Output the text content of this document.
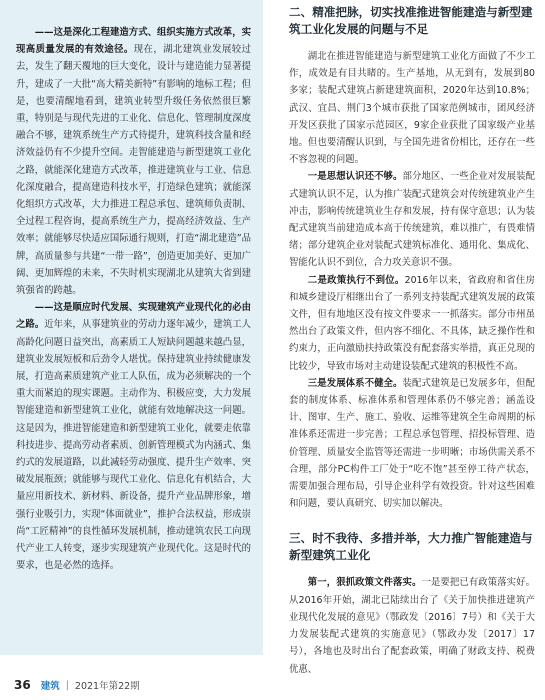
——这是深化工程建造方式、组织实施方式改革，实现高质量发展的有效途径。现在，湖北建筑业发展较过去，发生了翻天覆地的巨大变化，设计与建造能力显著提升，建成了一大批“高大精美新特”有影响的地标工程；但是，也要清醒地看到，建筑业转型升级任务依然很巨繁重，特别是与现代先进的工业化、信息化、管理制度深度融合不够，建筑系统生产方式待提升，建筑科技含量和经济效益仍有不少提升空间。走智能建造与新型建筑工业化之路，就能深化建造方式改革，推进建筑业与工业、信息化深度融合，提高建造科技水平，打造绿色建筑；就能深化组织方式改革，大力推进工程总承包、建筑师负责制、全过程工程咨询，提高系统生产力，提高经济效益、生产效率；就能够尽快适应国际通行规则，打造“湖北建造”品牌，高质量参与共建“一带一路”，创造更加美好、更加广阔、更加辉煌的未来，不失时机实现湖北从建筑大省到建筑强省的跨越。

——这是顺应时代发展、实现建筑产业现代化的必由之路。近年来，从事建筑业的劳动力逐年减少，建筑工人高龄化问题日益突出，高素质工人短缺问题越来越凸显，建筑业发展短板和后劲令人堪忧。保持建筑业持续健康发展，打造高素质建筑产业工人队伍，成为必须解决的一个重大而紧迫的现实课题。主动作为、积极应变，大力发展智能建造和新型建筑工业化，就能有效地解决这一问题。这是因为，推进智能建造和新型建筑工业化，就要走依靠科技进步、提高劳动者素质、创新管理模式为内涵式、集约式的发展道路，以此减轻劳动强度、提升生产效率、突破发展瓶颈；就能够与现代工业化、信息化有机结合，大量应用新技术、新材料、新设备，提升产业品牌形象，增强行业吸引力，实现“体面就业”，推护合法权益，形成崇尚“工匠精神”的良性循环发展机制，推动建筑农民工向现代产业工人转变，逐步实现建筑产业现代化。这是时代的要求，也是必然的选择。

二、精准把脉，切实找准推进智能建造与新型建筑工业化发展的问题与不足

湖北在推进智能建造与新型建筑工业化方面做了不少工作，成效是有目共睹的。生产基地，从无到有，发展到80多家；装配式建筑占新建建筑面积，2020年达到10.8%；武汉、宜昌、荆门3个城市获批了国家范例城市，团风经济开发区获批了国家示范园区，9家企业获批了国家级产业基地。但也要清醒认识到，与全国先进省份相比，还存在一些不容忽视的问题。

一是思想认识还不够。部分地区、一些企业对发展装配式建筑认识不足，认为推广装配式建筑会对传统建筑业产生冲击，影响传统建筑业生存和发展，持有保守意思；认为装配式建筑当前建造成本高于传统建筑，难以推广，有畏难情绪；部分建筑企业对装配式建筑标准化、通用化、集成化、智能化认识不到位，合力攻关意识不强。

二是政策执行不到位。2016年以来，省政府和省住房和城乡建设厅相继出台了一系列支持装配式建筑发展的政策文件，但有地地区没有按文件要求一一抓落实。部分市州虽然出台了政策文件，但内容不细化、不具体，缺乏操作性和约束力，正向激励扶持政策没有配套落实举措，真正兑现的比较少，导致市场对主动建设装配式建筑的积极性不高。

三是发展体系不健全。装配式建筑是已发展多年，但配套的制度体系、标准体系和管理体系仍不够完善；涵盖设计、图审、生产、施工、验收、运维等建筑全生命周期的标准体系还需进一步完善；工程总承包管理、招投标管理、造价管理、质量安全监管等还需进一步明晰；市场供需关系不合理，部分PC构件工厂处于“吃不饱”甚至停工待产状态，需要加强合理布局，引导企业科学有效投资。针对这些困难和问题，要认真研究、切实加以解决。

三、时不我待、多措并举，大力推广智能建造与新型建筑工业化

第一，狠抓政策文件落实。一是要把已有政策落实好。从2016年开始，湖北已陆续出台了《关于加快推进建筑产业现代化发展的意见》（鄂政发〔2016〕7号）和《关于大力发展装配式建筑的实施意见》（鄂政办发〔2017〕17号），各地也及时出台了配套政策，明确了财政支持、税费优惠、

36 建筑 | 2021年第22期
